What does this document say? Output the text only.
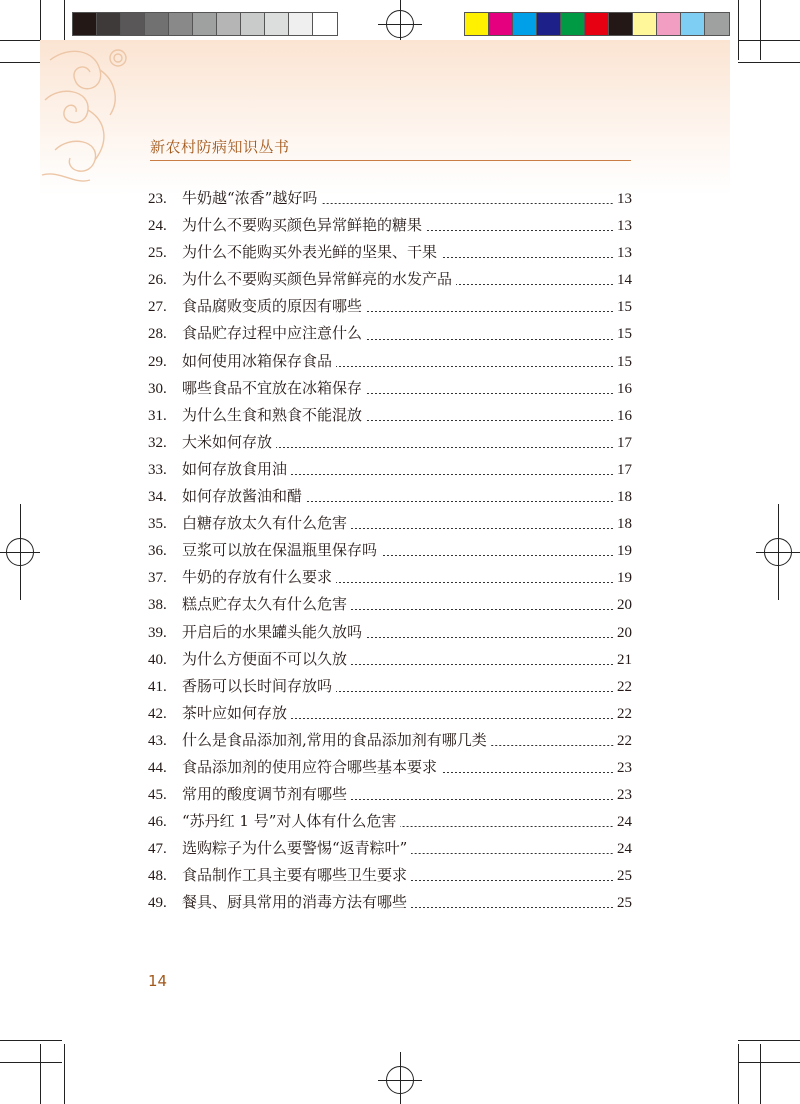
新农村防病知识丛书
23.	牛奶越“浓香”越好吗	13
24.	为什么不要购买颜色异常鲜艳的糖果	13
25.	为什么不能购买外表光鲜的坚果、干果	13
26.	为什么不要购买颜色异常鲜亮的水发产品	14
27.	食品腐败变质的原因有哪些	15
28.	食品贮存过程中应注意什么	15
29.	如何使用冰箱保存食品	15
30.	哪些食品不宜放在冰箱保存	16
31.	为什么生食和熟食不能混放	16
32.	大米如何存放	17
33.	如何存放食用油	17
34.	如何存放酱油和醋	18
35.	白糖存放太久有什么危害	18
36.	豆浆可以放在保温瓶里保存吗	19
37.	牛奶的存放有什么要求	19
38.	糕点贮存太久有什么危害	20
39.	开启后的水果罐头能久放吗	20
40.	为什么方便面不可以久放	21
41.	香肠可以长时间存放吗	22
42.	茶叶应如何存放	22
43.	什么是食品添加剂,常用的食品添加剂有哪几类	22
44.	食品添加剂的使用应符合哪些基本要求	23
45.	常用的酸度调节剂有哪些	23
46.	“苏丹红 1 号”对人体有什么危害	24
47.	选购粽子为什么要警惕“返青粽叶”	24
48.	食品制作工具主要有哪些卫生要求	25
49.	餐具、厨具常用的消毒方法有哪些	25
14
